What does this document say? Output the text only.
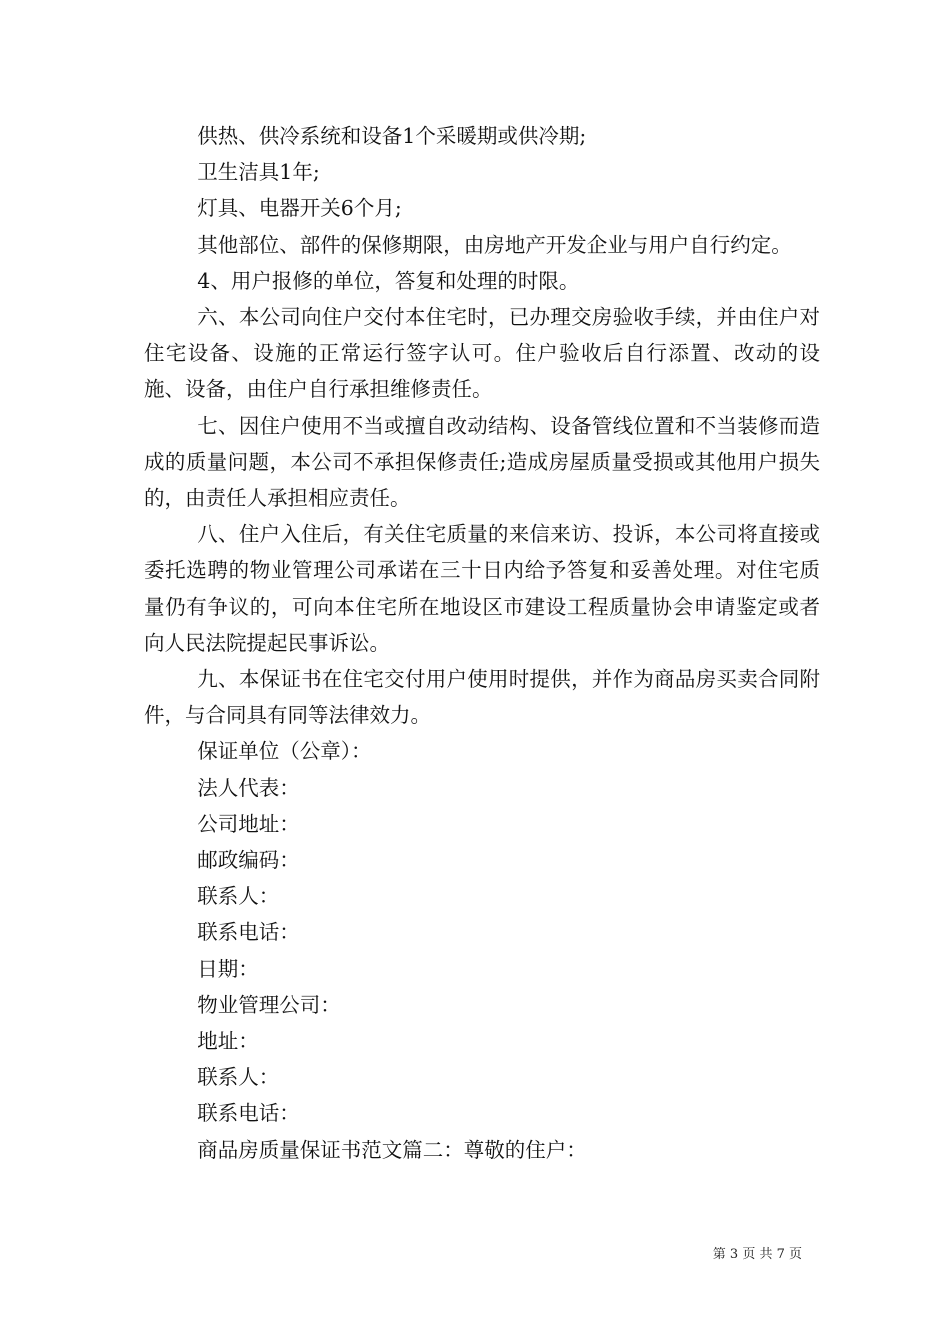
供热、供冷系统和设备1个采暖期或供冷期;

卫生洁具1年;

灯具、电器开关6个月;

其他部位、部件的保修期限，由房地产开发企业与用户自行约定。

4、用户报修的单位，答复和处理的时限。

六、本公司向住户交付本住宅时，已办理交房验收手续，并由住户对住宅设备、设施的正常运行签字认可。住户验收后自行添置、改动的设施、设备，由住户自行承担维修责任。

七、因住户使用不当或擅自改动结构、设备管线位置和不当装修而造成的质量问题，本公司不承担保修责任;造成房屋质量受损或其他用户损失的，由责任人承担相应责任。

八、住户入住后，有关住宅质量的来信来访、投诉，本公司将直接或委托选聘的物业管理公司承诺在三十日内给予答复和妥善处理。对住宅质量仍有争议的，可向本住宅所在地设区市建设工程质量协会申请鉴定或者向人民法院提起民事诉讼。

九、本保证书在住宅交付用户使用时提供，并作为商品房买卖合同附件，与合同具有同等法律效力。

保证单位（公章）：

法人代表：

公司地址：

邮政编码：

联系人：

联系电话：

日期：

物业管理公司：

地址：

联系人：

联系电话：

商品房质量保证书范文篇二：尊敬的住户：

第 3 页 共 7 页
